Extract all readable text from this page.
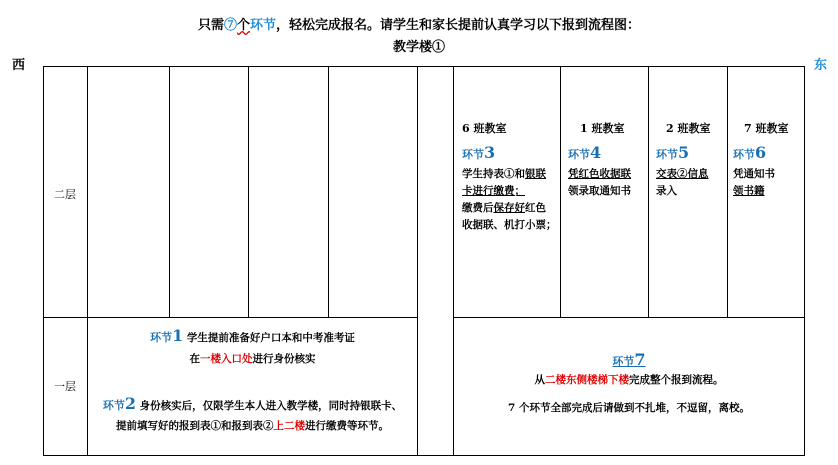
只需⑦个环节，轻松完成报名。请学生和家长提前认真学习以下报到流程图：
教学楼①
西	东
二层
一层
6 班教室
环节3
学生持表①和银联
卡进行缴费；
缴费后保存好红色
收据联、机打小票；
1 班教室
环节4
凭红色收据联
领录取通知书
2 班教室
环节5
交表②信息
录入
7 班教室
环节6
凭通知书
领书籍
环节1 学生提前准备好户口本和中考准考证
在一楼入口处进行身份核实
环节2 身份核实后，仅限学生本人进入教学楼，同时持银联卡、
提前填写好的报到表①和报到表②上二楼进行缴费等环节。
环节7
从二楼东侧楼梯下楼完成整个报到流程。
7 个环节全部完成后请做到不扎堆，不逗留，离校。
